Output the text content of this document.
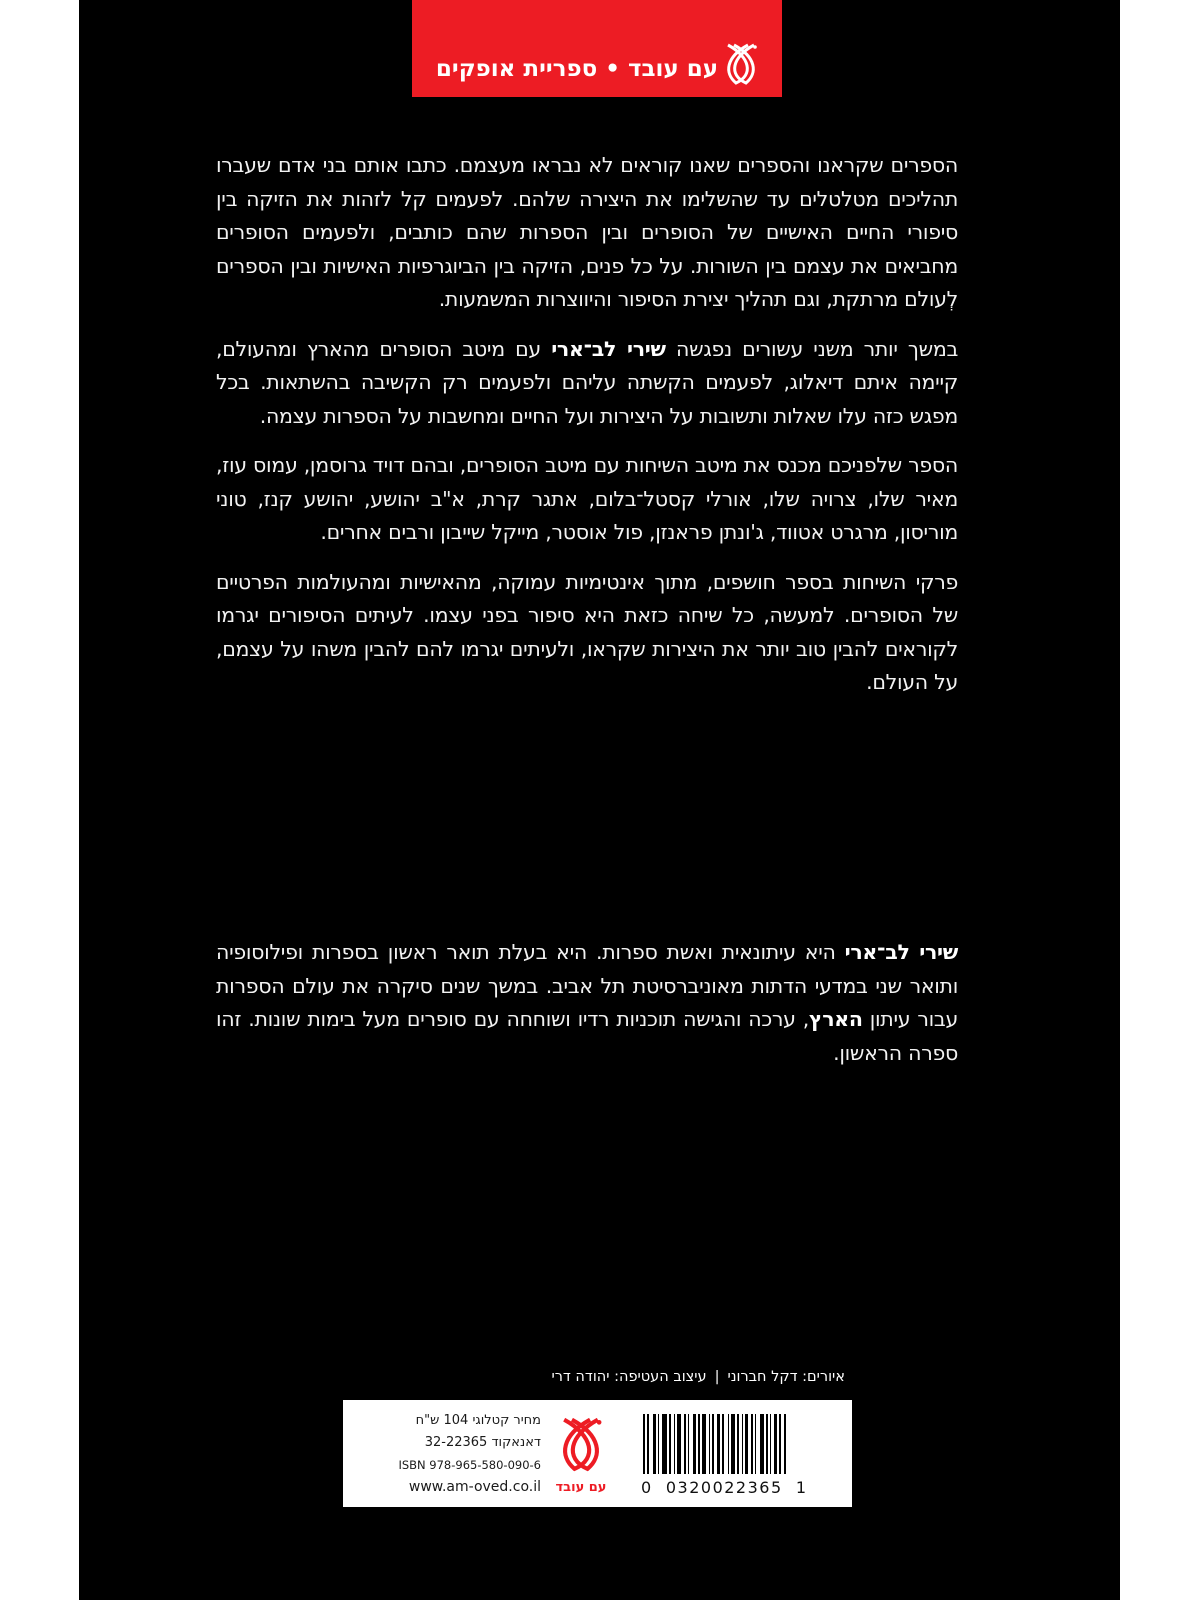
עם עובד • ספריית אופקים

הספרים שקראנו והספרים שאנו קוראים לא נבראו מעצמם. כתבו אותם בני אדם שעברו תהליכים מטלטלים עד שהשלימו את היצירה שלהם. לפעמים קל לזהות את הזיקה בין סיפורי החיים האישיים של הסופרים ובין הספרות שהם כותבים, ולפעמים הסופרים מחביאים את עצמם בין השורות. על כל פנים, הזיקה בין הביוגרפיות האישיות ובין הספרים לְעולם מרתקת, וגם תהליך יצירת הסיפור והיווצרות המשמעות.

במשך יותר משני עשורים נפגשה שירי לב־ארי עם מיטב הסופרים מהארץ ומהעולם, קיימה איתם דיאלוג, לפעמים הקשתה עליהם ולפעמים רק הקשיבה בהשתאות. בכל מפגש כזה עלו שאלות ותשובות על היצירות ועל החיים ומחשבות על הספרות עצמה.

הספר שלפניכם מכנס את מיטב השיחות עם מיטב הסופרים, ובהם דויד גרוסמן, עמוס עוז, מאיר שלו, צרויה שלו, אורלי קסטל־בלום, אתגר קרת, א"ב יהושע, יהושע קנז, טוני מוריסון, מרגרט אטווד, ג'ונתן פראנזן, פול אוסטר, מייקל שייבון ורבים אחרים.

פרקי השיחות בספר חושפים, מתוך אינטימיות עמוקה, מהאישיות ומהעולמות הפרטיים של הסופרים. למעשה, כל שיחה כזאת היא סיפור בפני עצמו. לעיתים הסיפורים יגרמו לקוראים להבין טוב יותר את היצירות שקראו, ולעיתים יגרמו להם להבין משהו על עצמם, על העולם.

שירי לב־ארי היא עיתונאית ואשת ספרות. היא בעלת תואר ראשון בספרות ופילוסופיה ותואר שני במדעי הדתות מאוניברסיטת תל אביב. במשך שנים סיקרה את עולם הספרות עבור עיתון הארץ, ערכה והגישה תוכניות רדיו ושוחחה עם סופרים מעל בימות שונות. זהו ספרה הראשון.

איורים: דקל חברוני|עיצוב העטיפה: יהודה דרי
מחיר קטלוגי 104 ש"ח
דאנאקוד 32-22365
ISBN 978-965-580-090-6
www.am-oved.co.il עם עובד 0  0320022365  1
